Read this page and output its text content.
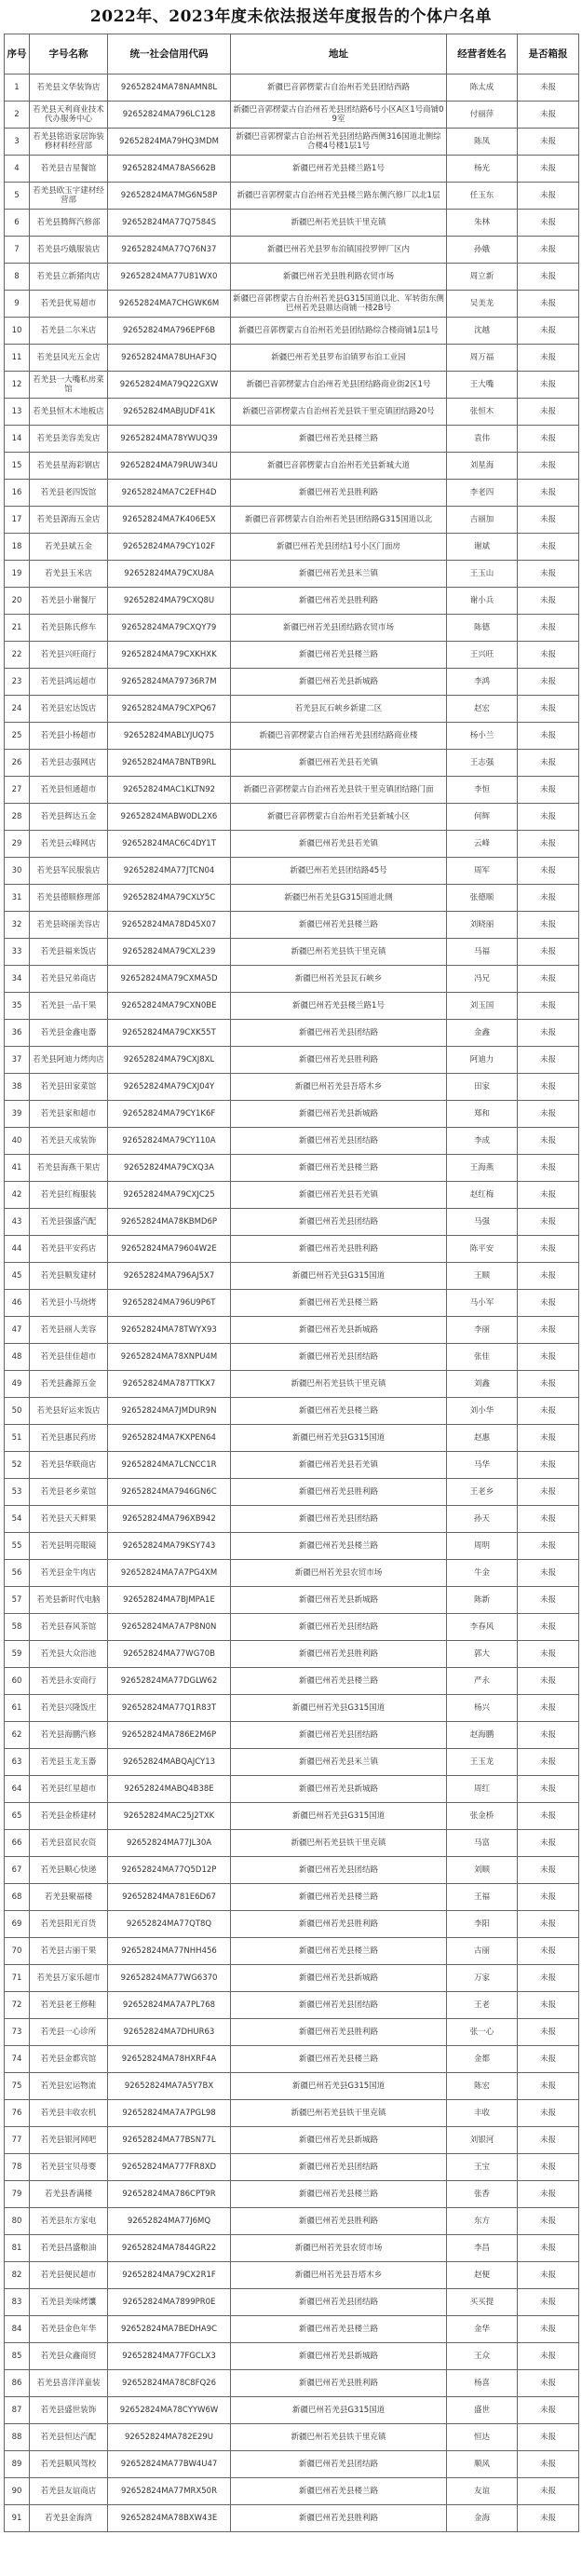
2022年、2023年度未依法报送年度报告的个体户名单
序号	字号名称	统一社会信用代码	地址	经营者姓名	是否箱报
1	若羌县文华装饰店	92652824MA78NAMN8L	新疆巴音郭楞蒙古自治州若羌县团结西路	陈太成	未报
2	若羌县天利商业技术代办服务中心	92652824MA796LC128	新疆巴音郭楞蒙古自治州若羌县团结路6号小区A区1号商铺09室	付丽萍	未报
3	若羌县铭语家居饰装修材料经营部	92652824MA79HQ3MDM	新疆巴音郭楞蒙古自治州若羌县团结路西侧316国道北侧综合楼4号楼1层1号	陈凤	未报
4	若羌县吉星餐馆	92652824MA78AS662B	新疆巴州若羌县楼兰路1号	杨光	未报
5	若羌县欧玉宇建材经营部	92652824MA7MG6N58P	新疆巴音郭楞蒙古自治州若羌县楼兰路东侧汽修厂以北1层	任玉东	未报
6	若羌县腾辉汽修部	92652824MA77Q7584S	新疆巴州若羌县铁干里克镇	朱林	未报
7	若羌县巧娥服装店	92652824MA77Q76N37	新疆巴州若羌县罗布泊镇国投罗钾厂区内	孙娥	未报
8	若羌县立新猪肉店	92652824MA77U81WX0	新疆巴州若羌县胜利路农贸市场	周立新	未报
9	若羌县优易超市	92652824MA7CHGWK6M	新疆巴音郭楞蒙古自治州若羌县G315国道以北、军转街东侧巴州若羌县鼎达商铺一楼2B号	吴美龙	未报
10	若羌县二尔米店	92652824MA796EPF6B	新疆巴音郭楞蒙古自治州若羌县团结路综合楼商铺1层1号	沈越	未报
11	若羌县风光五金店	92652824MA78UHAF3Q	新疆巴州若羌县罗布泊镇罗布泊工业园	周万福	未报
12	若羌县一大嘴私房菜馆	92652824MA79Q22GXW	新疆巴音郭楞蒙古自治州若羌县团结路商业街2区1号	王大嘴	未报
13	若羌县恒木木地板店	92652824MABJUDF41K	新疆巴音郭楞蒙古自治州若羌县铁干里克镇团结路20号	张恒木	未报
14	若羌县美容美发店	92652824MA78YWUQ39	新疆巴州若羌县楼兰路	袁伟	未报
15	若羌县星海彩钢店	92652824MA79RUW34U	新疆巴音郭楞蒙古自治州若羌县新城大道	刘星海	未报
16	若羌县老四饭馆	92652824MA7C2EFH4D	新疆巴州若羌县胜利路	李老四	未报
17	若羌县源海五金店	92652824MA7K406E5X	新疆巴音郭楞蒙古自治州若羌县团结路G315国道以北	吉丽加	未报
18	若羌县斌五金	92652824MA79CY102F	新疆巴州若羌县团结1号小区门面房	谢斌	未报
19	若羌县玉米店	92652824MA79CXU8A	新疆巴州若羌县米兰镇	王玉山	未报
20	若羌县小谢餐厅	92652824MA79CXQ8U	新疆巴州若羌县胜利路	谢小兵	未报
21	若羌县陈氏修车	92652824MA79CXQY79	新疆巴州若羌县团结路农贸市场	陈德	未报
22	若羌县兴旺商行	92652824MA79CXKHXK	新疆巴州若羌县楼兰路	王兴旺	未报
23	若羌县鸿运超市	92652824MA79736R7M	新疆巴州若羌县新城路	李鸿	未报
24	若羌县宏达饭店	92652824MA79CXPQ67	若羌县瓦石峡乡新建二区	赵宏	未报
25	若羌县小杨超市	92652824MABLYJUQ75	新疆巴音郭楞蒙古自治州若羌县团结路商业楼	杨小兰	未报
26	若羌县志强网店	92652824MA7BNTB9RL	新疆巴州若羌县若羌镇	王志强	未报
27	若羌县恒通超市	92652824MAC1KLTN92	新疆巴音郭楞蒙古自治州若羌县铁干里克镇团结路门面	李恒	未报
28	若羌县辉达五金	92652824MABW0DL2X6	新疆巴音郭楞蒙古自治州若羌县新城小区	何辉	未报
29	若羌县云峰网店	92652824MAC6C4DY1T	新疆巴州若羌县若羌镇	云峰	未报
30	若羌县军民服装店	92652824MA77JTCN04	新疆巴州若羌县团结路45号	周军	未报
31	若羌县德顺修理部	92652824MA79CXLY5C	新疆巴州若羌县G315国道北侧	张德顺	未报
32	若羌县晓丽美容店	92652824MA78D45X07	新疆巴州若羌县楼兰路	刘晓丽	未报
33	若羌县福来饭店	92652824MA79CXL239	新疆巴州若羌县铁干里克镇	马福	未报
34	若羌县兄弟商店	92652824MA79CXMA5D	新疆巴州若羌县瓦石峡乡	冯兄	未报
35	若羌县一品干果	92652824MA79CXN0BE	新疆巴州若羌县楼兰路1号	刘玉国	未报
36	若羌县金鑫电器	92652824MA79CXK55T	新疆巴州若羌县团结路	金鑫	未报
37	若羌县阿迪力烤肉店	92652824MA79CXJ8XL	新疆巴州若羌县胜利路	阿迪力	未报
38	若羌县田家菜馆	92652824MA79CXJ04Y	新疆巴州若羌县吾塔木乡	田家	未报
39	若羌县家和超市	92652824MA79CY1K6F	新疆巴州若羌县新城路	郑和	未报
40	若羌县天成装饰	92652824MA79CY110A	新疆巴州若羌县团结路	李成	未报
41	若羌县海燕干果店	92652824MA79CXQ3A	新疆巴州若羌县楼兰路	王海燕	未报
42	若羌县红梅服装	92652824MA79CXJC25	新疆巴州若羌县若羌镇	赵红梅	未报
43	若羌县强盛汽配	92652824MA78KBMD6P	新疆巴州若羌县团结路	马强	未报
44	若羌县平安药店	92652824MA79604W2E	新疆巴州若羌县胜利路	陈平安	未报
45	若羌县顺发建材	92652824MA796AJ5X7	新疆巴州若羌县G315国道	王顺	未报
46	若羌县小马烧烤	92652824MA796U9P6T	新疆巴州若羌县楼兰路	马小军	未报
47	若羌县丽人美容	92652824MA78TWYX93	新疆巴州若羌县新城路	李丽	未报
48	若羌县佳佳超市	92652824MA78XNPU4M	新疆巴州若羌县团结路	张佳	未报
49	若羌县鑫源五金	92652824MA787TTKX7	新疆巴州若羌县铁干里克镇	刘鑫	未报
50	若羌县好运来饭店	92652824MA7JMDUR9N	新疆巴州若羌县楼兰路	刘小华	未报
51	若羌县惠民药房	92652824MA7KXPEN64	新疆巴州若羌县G315国道	赵惠	未报
52	若羌县华联商店	92652824MA7LCNCC1R	新疆巴州若羌县若羌镇	马华	未报
53	若羌县老乡菜馆	92652824MA7946GN6C	新疆巴州若羌县胜利路	王老乡	未报
54	若羌县天天鲜果	92652824MA796XB942	新疆巴州若羌县团结路	孙天	未报
55	若羌县明亮眼镜	92652824MA79KSY743	新疆巴州若羌县楼兰路	周明	未报
56	若羌县金牛肉店	92652824MA7A7PG4XM	新疆巴州若羌县农贸市场	牛金	未报
57	若羌县新时代电脑	92652824MA7BJMPA1E	新疆巴州若羌县新城路	陈新	未报
58	若羌县春风茶馆	92652824MA7A7P8N0N	新疆巴州若羌县团结路	李春风	未报
59	若羌县大众浴池	92652824MA77WG70B	新疆巴州若羌县胜利路	郭大	未报
60	若羌县永安商行	92652824MA77DGLW62	新疆巴州若羌县楼兰路	严永	未报
61	若羌县兴隆饭庄	92652824MA77Q1R83T	新疆巴州若羌县G315国道	杨兴	未报
62	若羌县海鹏汽修	92652824MA786E2M6P	新疆巴州若羌县团结路	赵海鹏	未报
63	若羌县玉龙玉器	92652824MABQAJCY13	新疆巴州若羌县米兰镇	王玉龙	未报
64	若羌县红星超市	92652824MABQ4B38E	新疆巴州若羌县新城路	周红	未报
65	若羌县金桥建材	92652824MAC25J2TXK	新疆巴州若羌县G315国道	张金桥	未报
66	若羌县富民农资	92652824MA77JL30A	新疆巴州若羌县铁干里克镇	马富	未报
67	若羌县顺心快递	92652824MA77Q5D12P	新疆巴州若羌县团结路	刘顺	未报
68	若羌县聚福楼	92652824MA781E6D67	新疆巴州若羌县楼兰路	王福	未报
69	若羌县阳光百货	92652824MA77QT8Q	新疆巴州若羌县胜利路	李阳	未报
70	若羌县古丽干果	92652824MA77NHH456	新疆巴州若羌县楼兰路	古丽	未报
71	若羌县万家乐超市	92652824MA77WG6370	新疆巴州若羌县新城路	万家	未报
72	若羌县老王修鞋	92652824MA7A7PL768	新疆巴州若羌县团结路	王老	未报
73	若羌县一心诊所	92652824MA7DHUR63	新疆巴州若羌县胜利路	张一心	未报
74	若羌县金都宾馆	92652824MA78HXRF4A	新疆巴州若羌县楼兰路	金都	未报
75	若羌县宏运物流	92652824MA7A5Y7BX	新疆巴州若羌县G315国道	陈宏	未报
76	若羌县丰收农机	92652824MA7A7PGL98	新疆巴州若羌县铁干里克镇	丰收	未报
77	若羌县银河网吧	92652824MA77BSN77L	新疆巴州若羌县新城路	刘银河	未报
78	若羌县宝贝母婴	92652824MA777FR8XD	新疆巴州若羌县团结路	王宝	未报
79	若羌县香满楼	92652824MA786CPT9R	新疆巴州若羌县楼兰路	张香	未报
80	若羌县东方家电	92652824MA77J6MQ	新疆巴州若羌县胜利路	东方	未报
81	若羌县昌盛粮油	92652824MA7844GR22	新疆巴州若羌县农贸市场	李昌	未报
82	若羌县便民超市	92652824MA79CX2R1F	新疆巴州若羌县吾塔木乡	赵便	未报
83	若羌县美味烤馕	92652824MA7899PR0E	新疆巴州若羌县团结路	买买提	未报
84	若羌县金色年华	92652824MA7BEDHA9C	新疆巴州若羌县楼兰路	金华	未报
85	若羌县众鑫商贸	92652824MA77FGCLX3	新疆巴州若羌县新城路	王众	未报
86	若羌县喜洋洋童装	92652824MA78C8FQ26	新疆巴州若羌县胜利路	杨喜	未报
87	若羌县盛世装饰	92652824MA78CYYW6W	新疆巴州若羌县G315国道	盛世	未报
88	若羌县恒达汽配	92652824MA782E29U	新疆巴州若羌县铁干里克镇	恒达	未报
89	若羌县顺风驾校	92652824MA77BW4U47	新疆巴州若羌县团结路	顺风	未报
90	若羌县友谊商店	92652824MA77MRX50R	新疆巴州若羌县楼兰路	友谊	未报
91	若羌县金海湾	92652824MA78BXW43E	新疆巴州若羌县胜利路	金海	未报
